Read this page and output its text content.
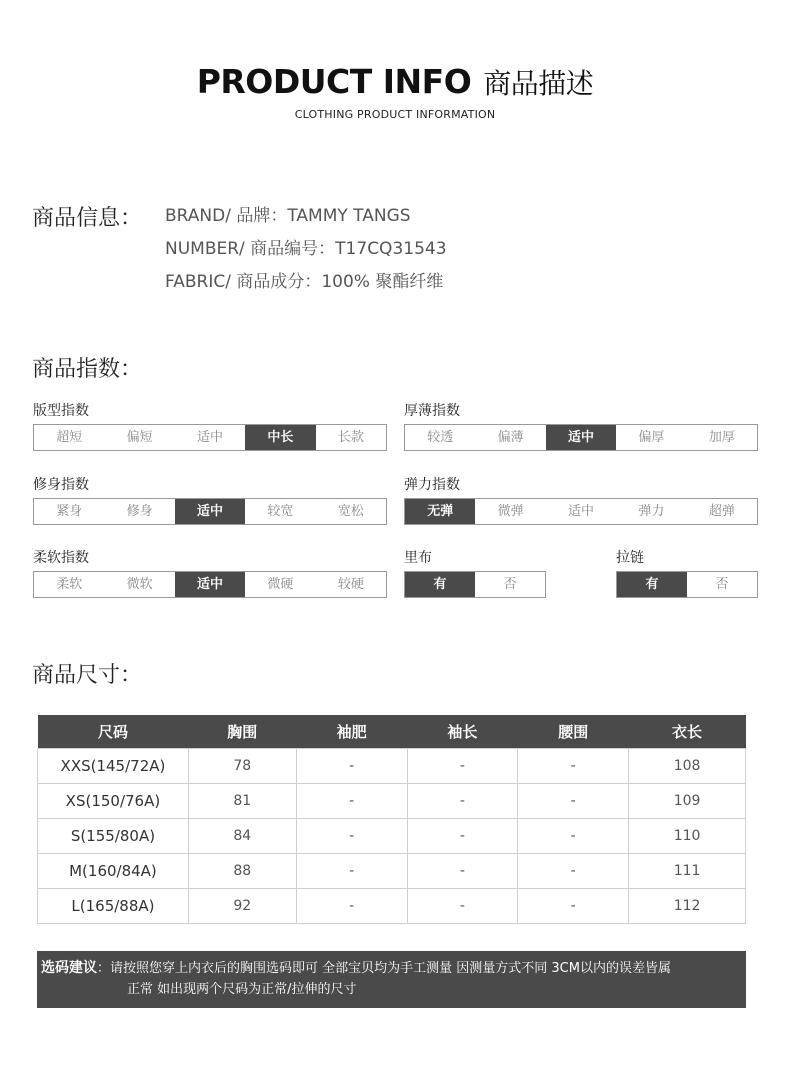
PRODUCT INFO 商品描述
CLOTHING PRODUCT INFORMATION
商品信息： BRAND/ 品牌：TAMMY TANGS
NUMBER/ 商品编号：T17CQ31543
FABRIC/ 商品成分：100% 聚酯纤维
商品指数：
版型指数
超短	偏短	适中	中长	长款
厚薄指数
较透	偏薄	适中	偏厚	加厚
修身指数
紧身	修身	适中	较宽	宽松
弹力指数
无弹	微弹	适中	弹力	超弹
柔软指数
柔软	微软	适中	微硬	较硬
里布
有	否
拉链
有	否
商品尺寸：
尺码	胸围	袖肥	袖长	腰围	衣长
XXS(145/72A)	78	-	-	-	108
XS(150/76A)	81	-	-	-	109
S(155/80A)	84	-	-	-	110
M(160/84A)	88	-	-	-	111
L(165/88A)	92	-	-	-	112
选码建议：请按照您穿上内衣后的胸围选码即可 全部宝贝均为手工测量 因测量方式不同 3CM以内的误差皆属
正常 如出现两个尺码为正常/拉伸的尺寸
